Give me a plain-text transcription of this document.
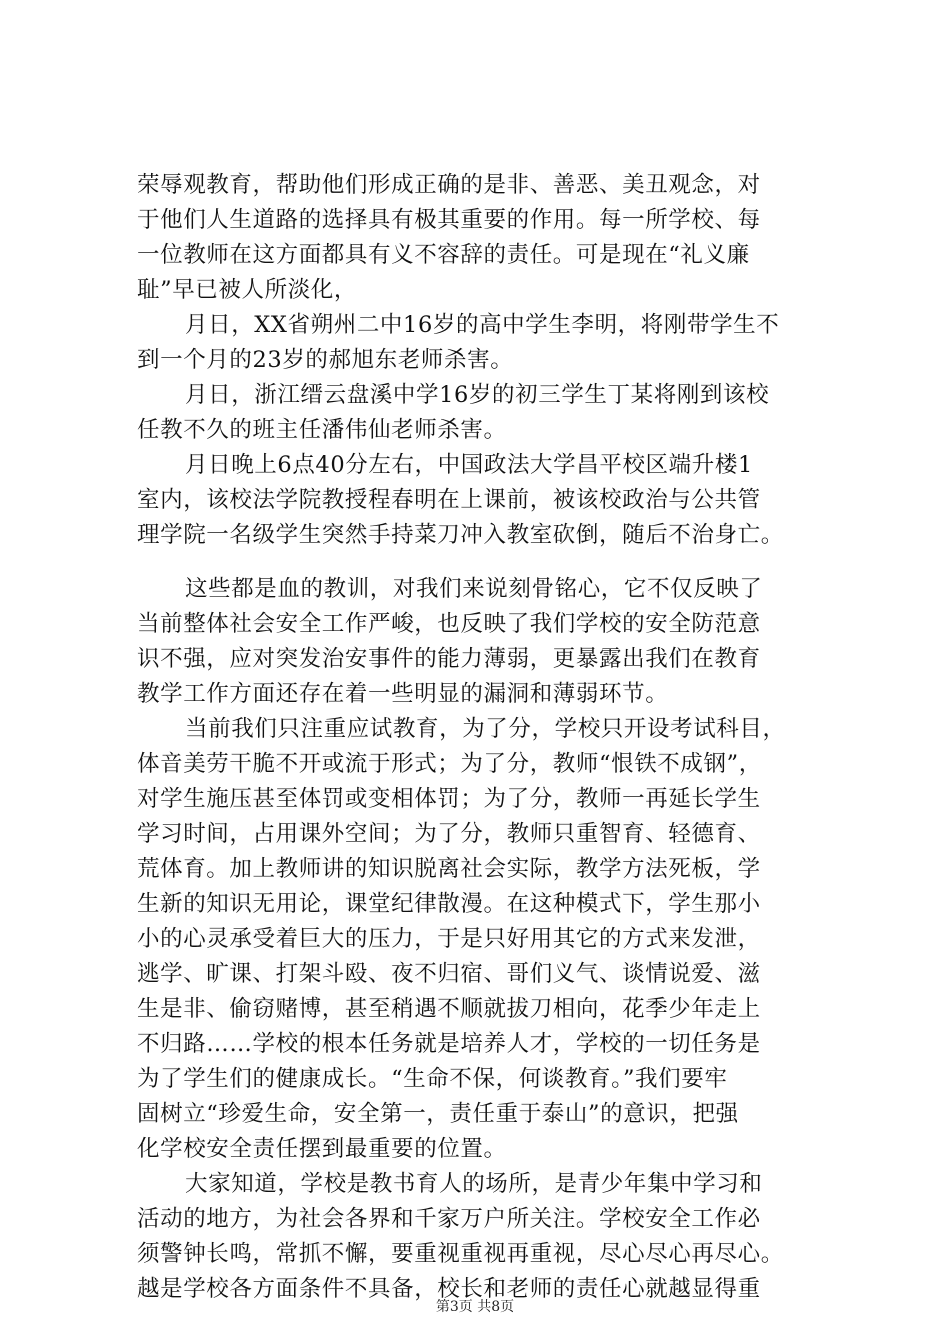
荣辱观教育，帮助他们形成正确的是非、善恶、美丑观念，对
于他们人生道路的选择具有极其重要的作用。每一所学校、每
一位教师在这方面都具有义不容辞的责任。可是现在“礼义廉
耻”早已被人所淡化，
月日，XX省朔州二中16岁的高中学生李明，将刚带学生不
到一个月的23岁的郝旭东老师杀害。
月日，浙江缙云盘溪中学16岁的初三学生丁某将刚到该校
任教不久的班主任潘伟仙老师杀害。
月日晚上6点40分左右，中国政法大学昌平校区端升楼1
室内，该校法学院教授程春明在上课前，被该校政治与公共管
理学院一名级学生突然手持菜刀冲入教室砍倒，随后不治身亡。
这些都是血的教训，对我们来说刻骨铭心，它不仅反映了
当前整体社会安全工作严峻，也反映了我们学校的安全防范意
识不强，应对突发治安事件的能力薄弱，更暴露出我们在教育
教学工作方面还存在着一些明显的漏洞和薄弱环节。
当前我们只注重应试教育，为了分，学校只开设考试科目，
体音美劳干脆不开或流于形式；为了分，教师“恨铁不成钢”，
对学生施压甚至体罚或变相体罚；为了分，教师一再延长学生
学习时间，占用课外空间；为了分，教师只重智育、轻德育、
荒体育。加上教师讲的知识脱离社会实际，教学方法死板，学
生新的知识无用论，课堂纪律散漫。在这种模式下，学生那小
小的心灵承受着巨大的压力，于是只好用其它的方式来发泄，
逃学、旷课、打架斗殴、夜不归宿、哥们义气、谈情说爱、滋
生是非、偷窃赌博，甚至稍遇不顺就拔刀相向，花季少年走上
不归路……学校的根本任务就是培养人才，学校的一切任务是
为了学生们的健康成长。“生命不保，何谈教育。”我们要牢
固树立“珍爱生命，安全第一，责任重于泰山”的意识，把强
化学校安全责任摆到最重要的位置。
大家知道，学校是教书育人的场所，是青少年集中学习和
活动的地方，为社会各界和千家万户所关注。学校安全工作必
须警钟长鸣，常抓不懈，要重视重视再重视，尽心尽心再尽心。
越是学校各方面条件不具备，校长和老师的责任心就越显得重
第3页 共8页
